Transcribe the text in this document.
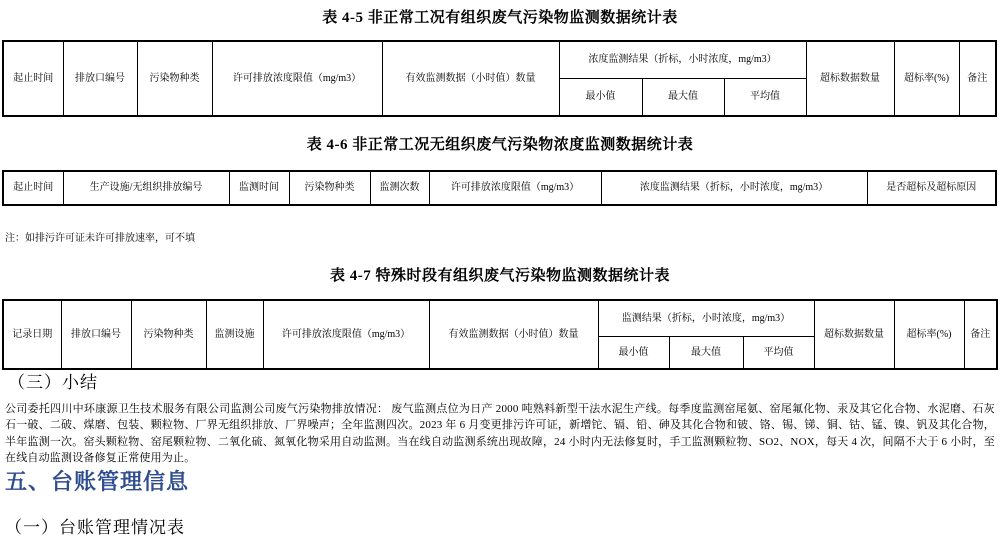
表 4-5 非正常工况有组织废气污染物监测数据统计表
起止时间	排放口编号	污染物种类	许可排放浓度限值（mg/m3）	有效监测数据（小时值）数量	浓度监测结果（折标，小时浓度，mg/m3）			超标数据数量	超标率(%)	备注
					最小值	最大值	平均值			
表 4-6 非正常工况无组织废气污染物浓度监测数据统计表
起止时间	生产设施/无组织排放编号	监测时间	污染物种类	监测次数	许可排放浓度限值（mg/m3）	浓度监测结果（折标，小时浓度，mg/m3）	是否超标及超标原因
注：如排污许可证未许可排放速率，可不填
表 4-7 特殊时段有组织废气污染物监测数据统计表
记录日期	排放口编号	污染物种类	监测设施	许可排放浓度限值（mg/m3）	有效监测数据（小时值）数量	监测结果（折标，小时浓度，mg/m3）			超标数据数量	超标率(%)	备注
						最小值	最大值	平均值			
（三）小结
公司委托四川中环康源卫生技术服务有限公司监测公司废气污染物排放情况： 废气监测点位为日产 2000 吨熟料新型干法水泥生产线。每季度监测窑尾氨、窑尾氟化物、汞及其它化合物、水泥磨、石灰石一破、二破、煤磨、包装、颗粒物、厂界无组织排放、厂界噪声；全年监测四次。2023 年 6 月变更排污许可证，新增铊、镉、铅、砷及其化合物和铍、铬、锡、锑、铜、钴、锰、镍、钒及其化合物，半年监测一次。窑头颗粒物、窑尾颗粒物、二氧化硫、氮氧化物采用自动监测。当在线自动监测系统出现故障，24 小时内无法修复时，手工监测颗粒物、SO2、NOX，每天 4 次，间隔不大于 6 小时，至在线自动监测设备修复正常使用为止。
五、台账管理信息
（一）台账管理情况表
